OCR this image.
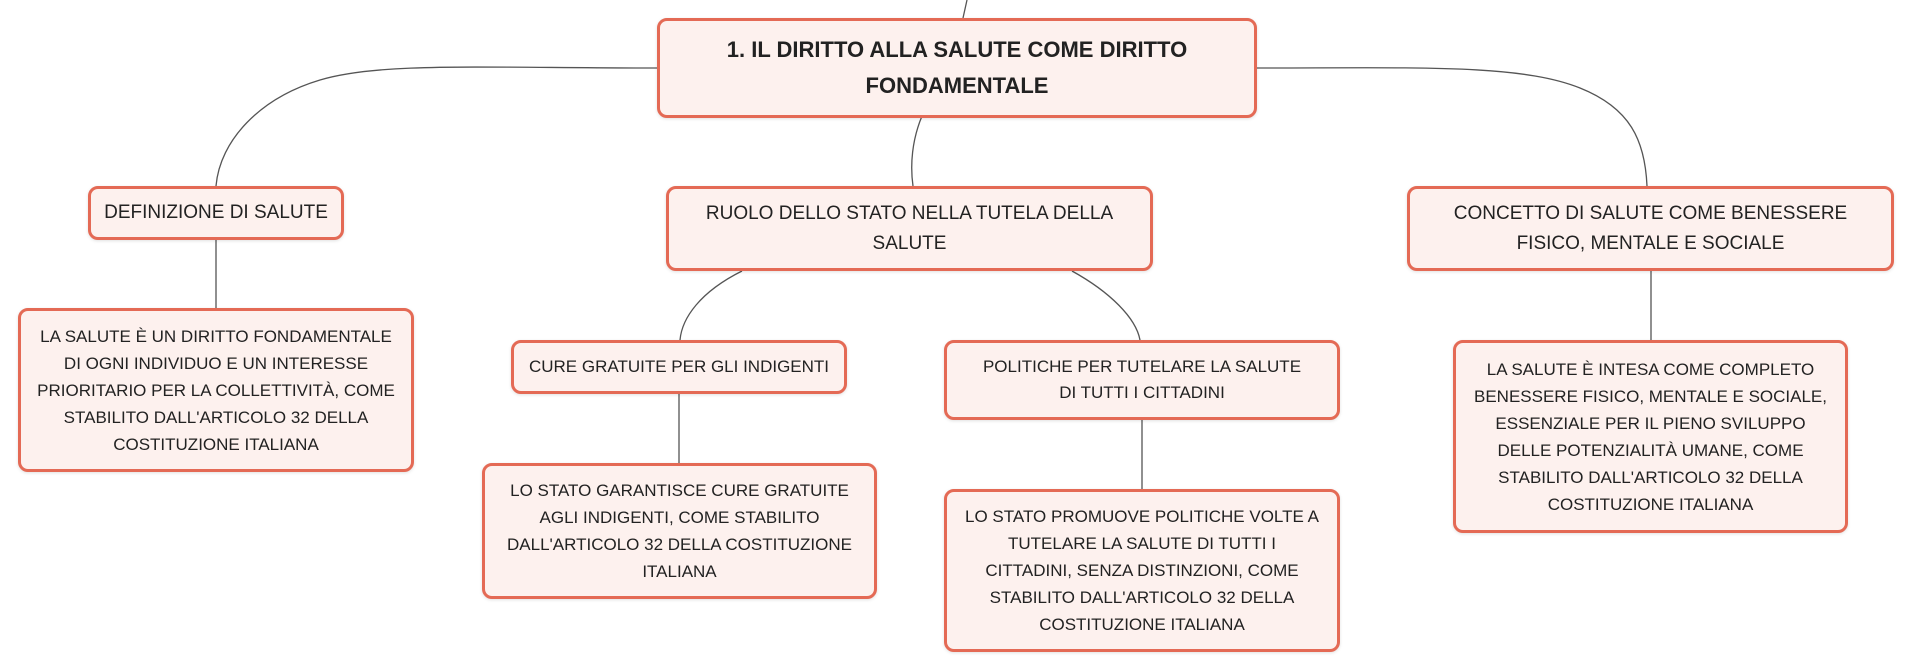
1. IL DIRITTO ALLA SALUTE COME DIRITTO FONDAMENTALE
DEFINIZIONE DI SALUTE	RUOLO DELLO STATO NELLA TUTELA DELLA SALUTE
CONCETTO DI SALUTE COME BENESSERE FISICO, MENTALE E SOCIALE
LA SALUTE È UN DIRITTO FONDAMENTALE DI OGNI INDIVIDUO E UN INTERESSE PRIORITARIO PER LA COLLETTIVITÀ, COME STABILITO DALL'ARTICOLO 32 DELLA COSTITUZIONE ITALIANA
CURE GRATUITE PER GLI INDIGENTI	POLITICHE PER TUTELARE LA SALUTE DI TUTTI I CITTADINI
LO STATO GARANTISCE CURE GRATUITE AGLI INDIGENTI, COME STABILITO DALL'ARTICOLO 32 DELLA COSTITUZIONE ITALIANA
LO STATO PROMUOVE POLITICHE VOLTE A TUTELARE LA SALUTE DI TUTTI I CITTADINI, SENZA DISTINZIONI, COME STABILITO DALL'ARTICOLO 32 DELLA COSTITUZIONE ITALIANA
LA SALUTE È INTESA COME COMPLETO BENESSERE FISICO, MENTALE E SOCIALE, ESSENZIALE PER IL PIENO SVILUPPO DELLE POTENZIALITÀ UMANE, COME STABILITO DALL'ARTICOLO 32 DELLA COSTITUZIONE ITALIANA
